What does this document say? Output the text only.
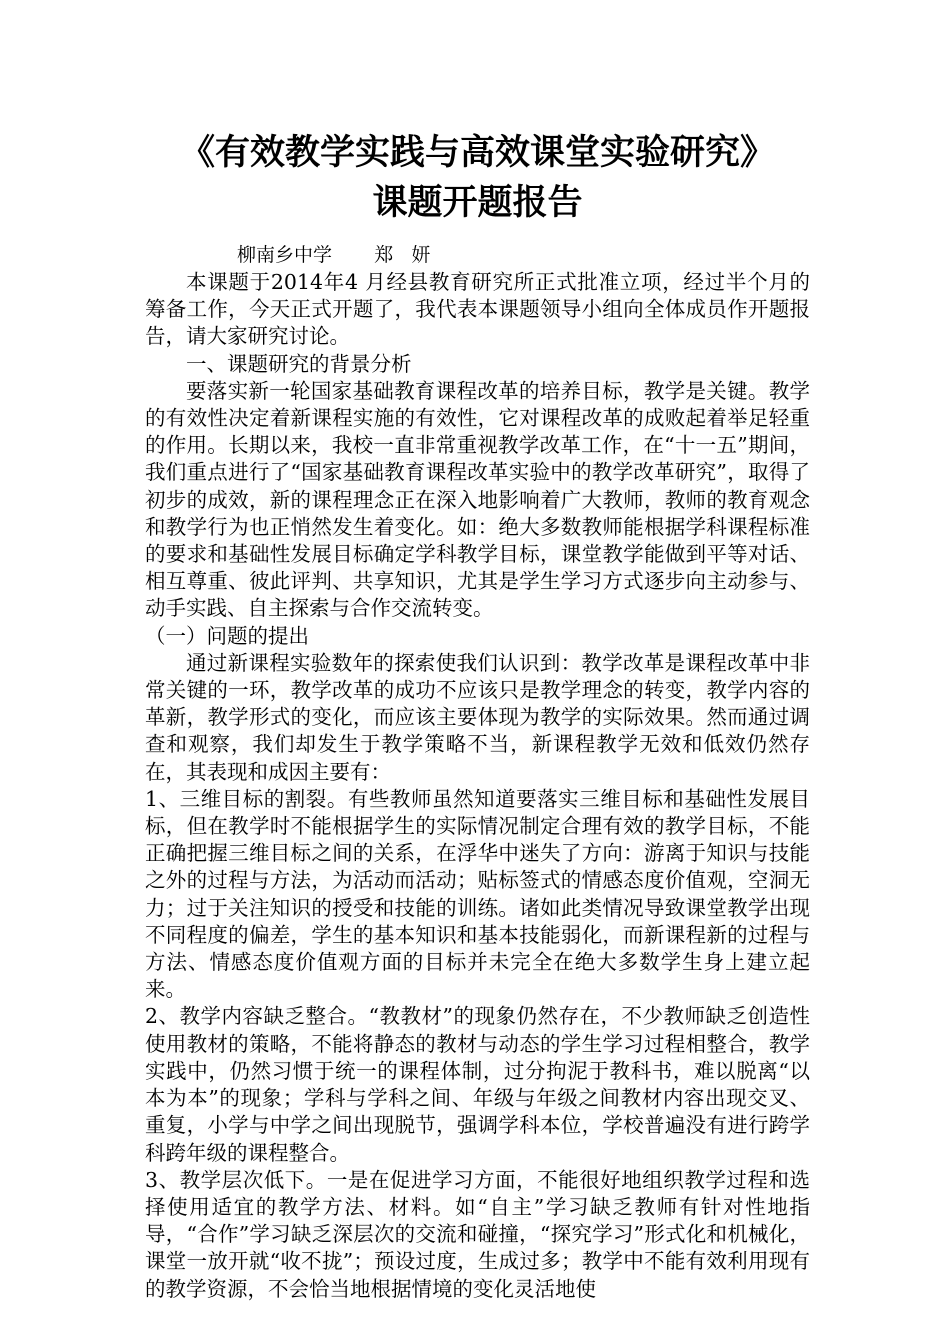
《有效教学实践与高效课堂实验研究》
课题开题报告
柳南乡中学 郑   妍

本课题于2014年4 月经县教育研究所正式批准立项，经过半个月的筹备工作，今天正式开题了，我代表本课题领导小组向全体成员作开题报告，请大家研究讨论。

一、课题研究的背景分析

要落实新一轮国家基础教育课程改革的培养目标，教学是关键。教学的有效性决定着新课程实施的有效性，它对课程改革的成败起着举足轻重的作用。长期以来，我校一直非常重视教学改革工作，在“十一五”期间，我们重点进行了“国家基础教育课程改革实验中的教学改革研究”，取得了初步的成效，新的课程理念正在深入地影响着广大教师，教师的教育观念和教学行为也正悄然发生着变化。如：绝大多数教师能根据学科课程标准的要求和基础性发展目标确定学科教学目标，课堂教学能做到平等对话、相互尊重、彼此评判、共享知识，尤其是学生学习方式逐步向主动参与、动手实践、自主探索与合作交流转变。

（一）问题的提出

通过新课程实验数年的探索使我们认识到：教学改革是课程改革中非常关键的一环，教学改革的成功不应该只是教学理念的转变，教学内容的革新，教学形式的变化，而应该主要体现为教学的实际效果。然而通过调查和观察，我们却发生于教学策略不当，新课程教学无效和低效仍然存在，其表现和成因主要有：

1、三维目标的割裂。有些教师虽然知道要落实三维目标和基础性发展目标，但在教学时不能根据学生的实际情况制定合理有效的教学目标，不能正确把握三维目标之间的关系，在浮华中迷失了方向：游离于知识与技能之外的过程与方法，为活动而活动；贴标签式的情感态度价值观，空洞无力；过于关注知识的授受和技能的训练。诸如此类情况导致课堂教学出现不同程度的偏差，学生的基本知识和基本技能弱化，而新课程新的过程与方法、情感态度价值观方面的目标并未完全在绝大多数学生身上建立起来。

2、教学内容缺乏整合。“教教材”的现象仍然存在，不少教师缺乏创造性使用教材的策略，不能将静态的教材与动态的学生学习过程相整合，教学实践中，仍然习惯于统一的课程体制，过分拘泥于教科书，难以脱离“以本为本”的现象；学科与学科之间、年级与年级之间教材内容出现交叉、重复，小学与中学之间出现脱节，强调学科本位，学校普遍没有进行跨学科跨年级的课程整合。

3、教学层次低下。一是在促进学习方面，不能很好地组织教学过程和选择使用适宜的教学方法、材料。如“自主”学习缺乏教师有针对性地指导，“合作”学习缺乏深层次的交流和碰撞，“探究学习”形式化和机械化，课堂一放开就“收不拢”；预设过度，生成过多；教学中不能有效利用现有的教学资源，不会恰当地根据情境的变化灵活地使
